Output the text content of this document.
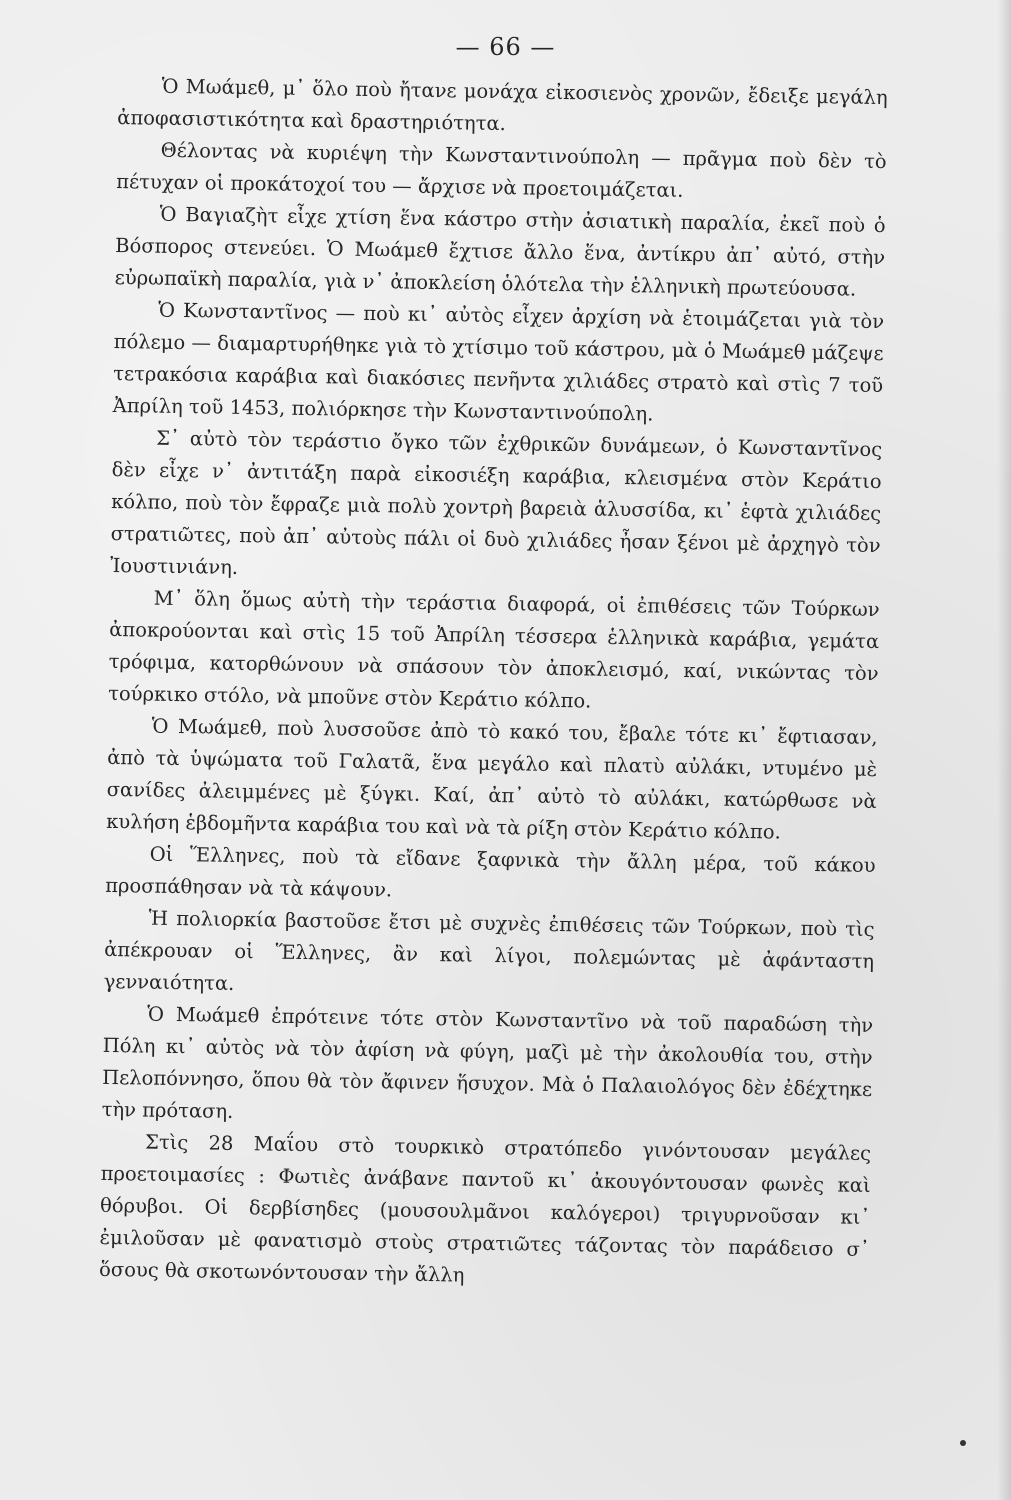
— 66 —

Ὁ Μωάμεθ, μ᾽ ὅλο ποὺ ἤτανε μονάχα εἰκοσιενὸς χρονῶν, ἔδειξε μεγάλη ἀποφασιστικότητα καὶ δραστηριότητα.

Θέλοντας νὰ κυριέψη τὴν Κωνσταντινούπολη — πρᾶγμα ποὺ δὲν τὸ πέτυχαν οἱ προκάτοχοί του — ἄρχισε νὰ προετοιμάζεται.

Ὁ Βαγιαζὴτ εἶχε χτίση ἕνα κάστρο στὴν ἀσιατικὴ παραλία, ἐκεῖ ποὺ ὁ Βόσπορος στενεύει. Ὁ Μωάμεθ ἔχτισε ἄλλο ἕνα, ἀντίκρυ ἀπ᾽ αὐτό, στὴν εὐρωπαϊκὴ παραλία, γιὰ ν᾽ ἀποκλείση ὁλότελα τὴν ἑλληνικὴ πρωτεύουσα.

Ὁ Κωνσταντῖνος — ποὺ κι᾽ αὐτὸς εἶχεν ἀρχίση νὰ ἑτοιμάζεται γιὰ τὸν πόλεμο — διαμαρτυρήθηκε γιὰ τὸ χτίσιμο τοῦ κάστρου, μὰ ὁ Μωάμεθ μάζεψε τετρακόσια καράβια καὶ διακόσιες πενῆντα χιλιάδες στρατὸ καὶ στὶς 7 τοῦ Ἀπρίλη τοῦ 1453, πολιόρκησε τὴν Κωνσταντινούπολη.

Σ᾽ αὐτὸ τὸν τεράστιο ὄγκο τῶν ἐχθρικῶν δυνάμεων, ὁ Κωνσταντῖνος δὲν εἶχε ν᾽ ἀντιτάξη παρὰ εἰκοσιέξη καράβια, κλεισμένα στὸν Κεράτιο κόλπο, ποὺ τὸν ἔφραζε μιὰ πολὺ χοντρὴ βαρειὰ ἁλυσσίδα, κι᾽ ἑφτὰ χιλιάδες στρατιῶτες, ποὺ ἀπ᾽ αὐτοὺς πάλι οἱ δυὸ χιλιάδες ἦσαν ξένοι μὲ ἀρχηγὸ τὸν Ἰουστινιάνη.

Μ᾽ ὅλη ὅμως αὐτὴ τὴν τεράστια διαφορά, οἱ ἐπιθέσεις τῶν Τούρκων ἀποκρούονται καὶ στὶς 15 τοῦ Ἀπρίλη τέσσερα ἑλληνικὰ καράβια, γεμάτα τρόφιμα, κατορθώνουν νὰ σπάσουν τὸν ἀποκλεισμό, καί, νικώντας τὸν τούρκικο στόλο, νὰ μποῦνε στὸν Κεράτιο κόλπο.

Ὁ Μωάμεθ, ποὺ λυσσοῦσε ἀπὸ τὸ κακό του, ἔβαλε τότε κι᾽ ἔφτιασαν, ἀπὸ τὰ ὑψώματα τοῦ Γαλατᾶ, ἕνα μεγάλο καὶ πλατὺ αὐλάκι, ντυμένο μὲ σανίδες ἀλειμμένες μὲ ξύγκι. Καί, ἀπ᾽ αὐτὸ τὸ αὐλάκι, κατώρθωσε νὰ κυλήση ἑβδομῆντα καράβια του καὶ νὰ τὰ ρίξη στὸν Κεράτιο κόλπο.

Οἱ Ἕλληνες, ποὺ τὰ εἴδανε ξαφνικὰ τὴν ἄλλη μέρα, τοῦ κάκου προσπάθησαν νὰ τὰ κάψουν.

Ἡ πολιορκία βαστοῦσε ἔτσι μὲ συχνὲς ἐπιθέσεις τῶν Τούρκων, ποὺ τὶς ἀπέκρουαν οἱ Ἕλληνες, ἂν καὶ λίγοι, πολεμώντας μὲ ἀφάνταστη γενναιότητα.

Ὁ Μωάμεθ ἐπρότεινε τότε στὸν Κωνσταντῖνο νὰ τοῦ παραδώση τὴν Πόλη κι᾽ αὐτὸς νὰ τὸν ἀφίση νὰ φύγη, μαζὶ μὲ τὴν ἀκολουθία του, στὴν Πελοπόννησο, ὅπου θὰ τὸν ἄφινεν ἥσυχον. Μὰ ὁ Παλαιολόγος δὲν ἐδέχτηκε τὴν πρόταση.

Στὶς 28 Μαΐου στὸ τουρκικὸ στρατόπεδο γινόντουσαν μεγάλες προετοιμασίες : Φωτιὲς ἀνάβανε παντοῦ κι᾽ ἀκουγόντουσαν φωνὲς καὶ θόρυβοι. Οἱ δερβίσηδες (μουσουλμᾶνοι καλόγεροι) τριγυρνοῦσαν κι᾽ ἐμιλοῦσαν μὲ φανατισμὸ στοὺς στρατιῶτες τάζοντας τὸν παράδεισο σ᾽ ὅσους θὰ σκοτωνόντουσαν τὴν ἄλλη
